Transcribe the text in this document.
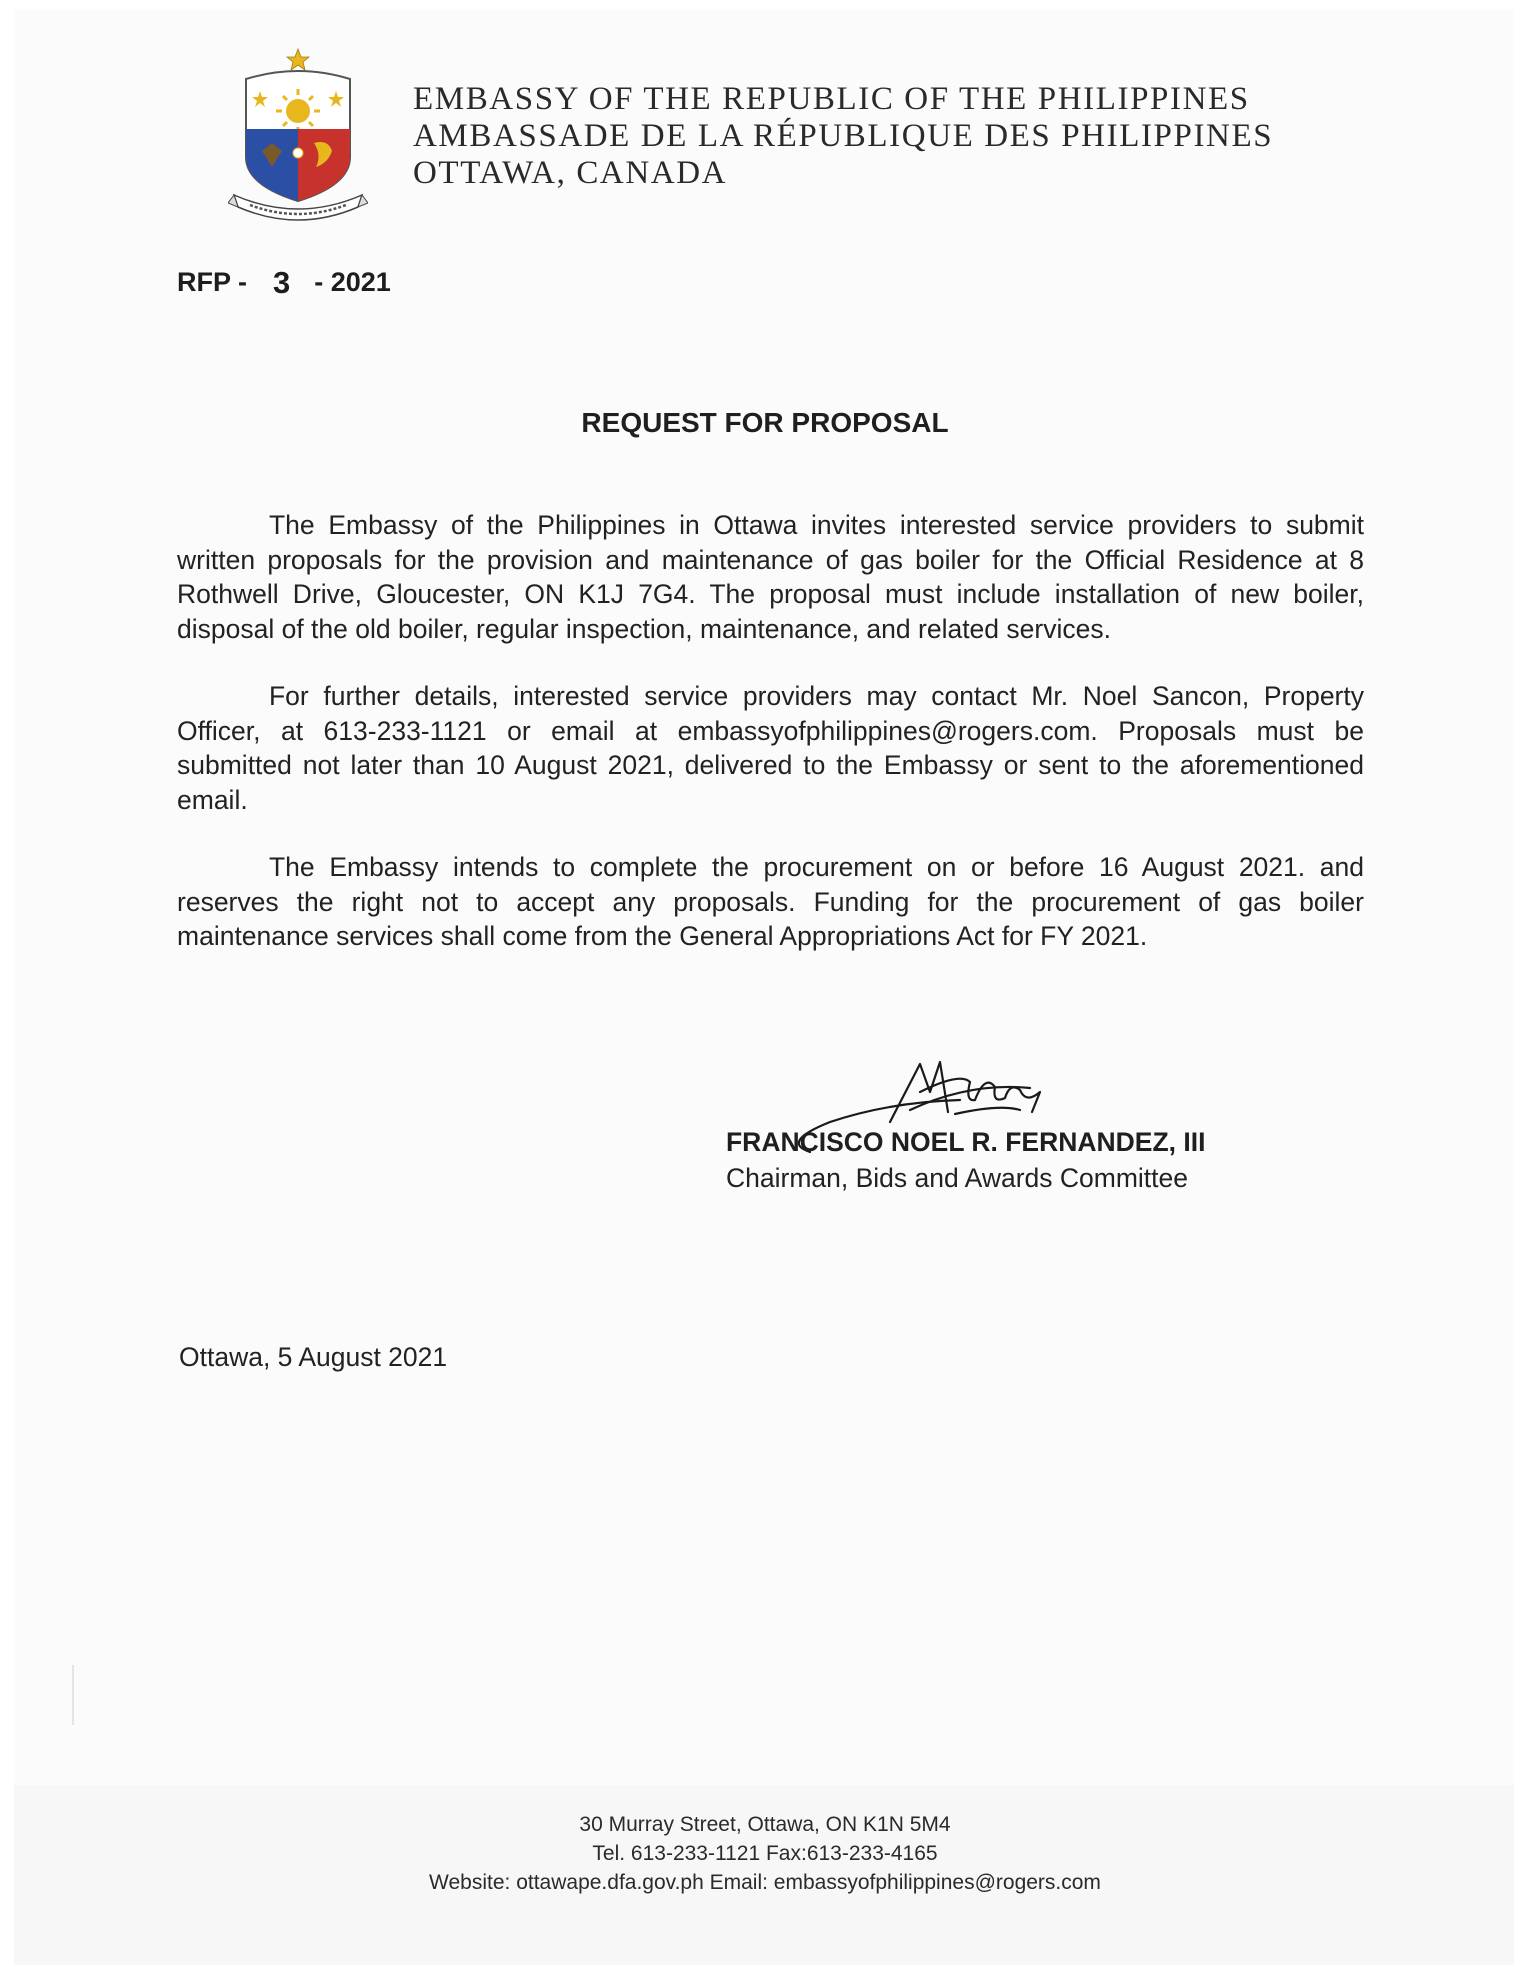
EMBASSY OF THE REPUBLIC OF THE PHILIPPINES
AMBASSADE DE LA RÉPUBLIQUE DES PHILIPPINES
OTTAWA, CANADA
RFP - 3 - 2021
REQUEST FOR PROPOSAL

The Embassy of the Philippines in Ottawa invites interested service providers to submit written proposals for the provision and maintenance of gas boiler for the Official Residence at 8 Rothwell Drive, Gloucester, ON K1J 7G4. The proposal must include installation of new boiler, disposal of the old boiler, regular inspection, maintenance, and related services.

For further details, interested service providers may contact Mr. Noel Sancon, Property Officer, at 613-233-1121 or email at embassyofphilippines@rogers.com. Proposals must be submitted not later than 10 August 2021, delivered to the Embassy or sent to the aforementioned email.

The Embassy intends to complete the procurement on or before 16 August 2021. and reserves the right not to accept any proposals. Funding for the procurement of gas boiler maintenance services shall come from the General Appropriations Act for FY 2021.

FRANCISCO NOEL R. FERNANDEZ, III
Chairman, Bids and Awards Committee
Ottawa, 5 August 2021
30 Murray Street, Ottawa, ON K1N 5M4
Tel. 613-233-1121 Fax:613-233-4165
Website: ottawape.dfa.gov.ph Email: embassyofphilippines@rogers.com
